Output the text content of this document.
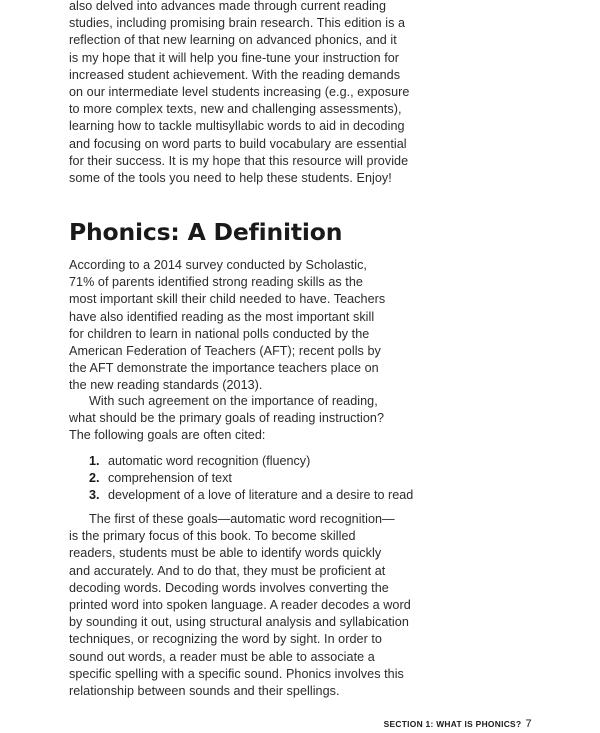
also delved into advances made through current reading
studies, including promising brain research. This edition is a
reflection of that new learning on advanced phonics, and it
is my hope that it will help you fine-tune your instruction for
increased student achievement. With the reading demands
on our intermediate level students increasing (e.g., exposure
to more complex texts, new and challenging assessments),
learning how to tackle multisyllabic words to aid in decoding
and focusing on word parts to build vocabulary are essential
for their success. It is my hope that this resource will provide
some of the tools you need to help these students. Enjoy!

Phonics: A Definition

According to a 2014 survey conducted by Scholastic,
71% of parents identified strong reading skills as the
most important skill their child needed to have. Teachers
have also identified reading as the most important skill
for children to learn in national polls conducted by the
American Federation of Teachers (AFT); recent polls by
the AFT demonstrate the importance teachers place on
the new reading standards (2013).

With such agreement on the importance of reading,
what should be the primary goals of reading instruction?
The following goals are often cited:

1. automatic word recognition (fluency)
2. comprehension of text
3. development of a love of literature and a desire to read

The first of these goals—automatic word recognition—
is the primary focus of this book. To become skilled
readers, students must be able to identify words quickly
and accurately. And to do that, they must be proficient at
decoding words. Decoding words involves converting the
printed word into spoken language. A reader decodes a word
by sounding it out, using structural analysis and syllabication
techniques, or recognizing the word by sight. In order to
sound out words, a reader must be able to associate a
specific spelling with a specific sound. Phonics involves this
relationship between sounds and their spellings.

SECTION 1: WHAT IS PHONICS? 7
